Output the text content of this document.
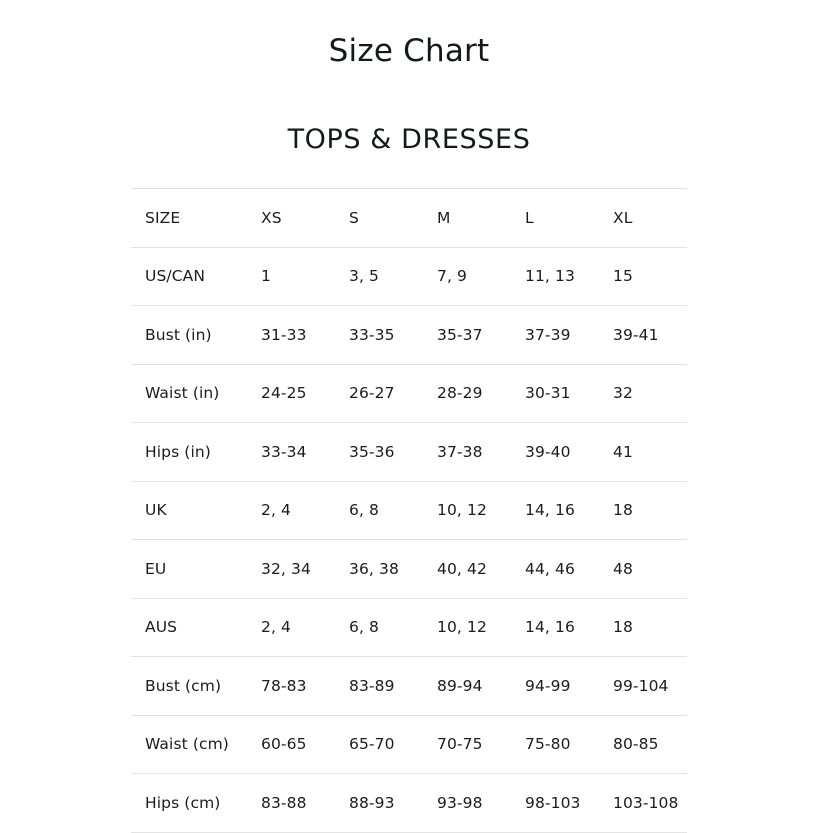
Size Chart
TOPS & DRESSES
SIZE	XS	S	M	L	XL

US/CAN	1	3, 5	7, 9	11, 13	15

Bust (in)	31-33	33-35	35-37	37-39	39-41

Waist (in)	24-25	26-27	28-29	30-31	32

Hips (in)	33-34	35-36	37-38	39-40	41

UK	2, 4	6, 8	10, 12	14, 16	18

EU	32, 34	36, 38	40, 42	44, 46	48

AUS	2, 4	6, 8	10, 12	14, 16	18

Bust (cm)	78-83	83-89	89-94	94-99	99-104

Waist (cm)	60-65	65-70	70-75	75-80	80-85

Hips (cm)	83-88	88-93	93-98	98-103	103-108
